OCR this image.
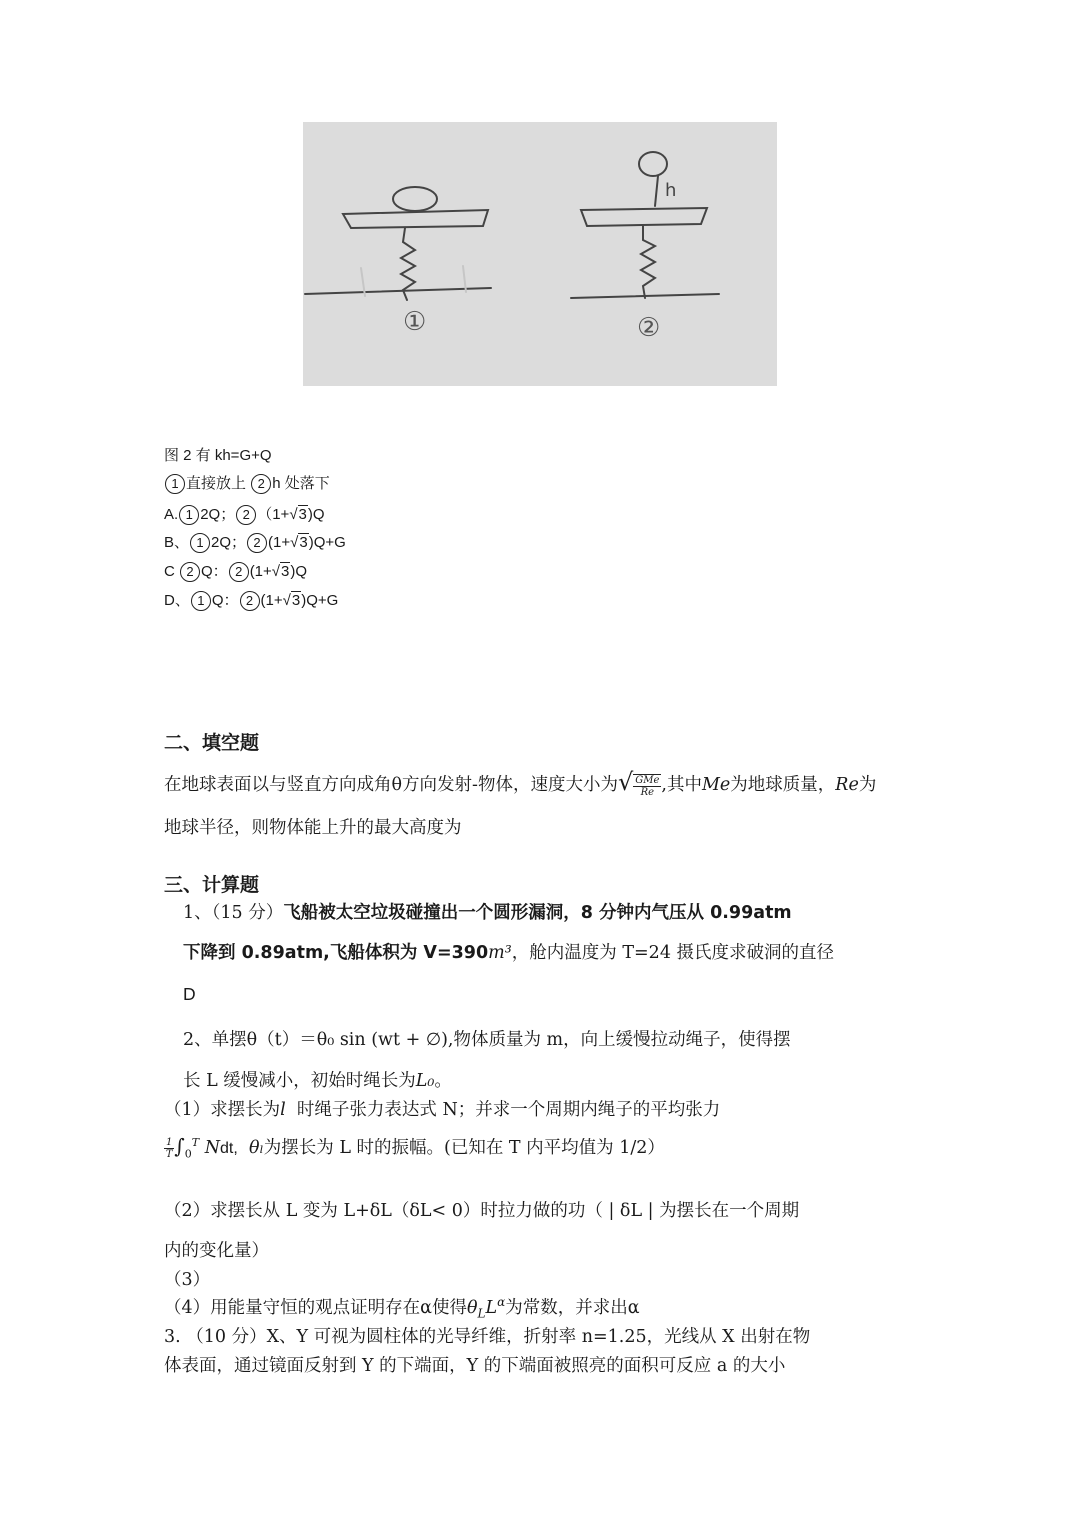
h
①	②
图 2 有 kh=G+Q
1 直接放上 2 h 处落下
A. 1 2Q； 2 （1+√3)Q
B、 1 2Q； 2 (1+√3)Q+G
C 2 Q： 2 (1+√3)Q
D、 1 Q： 2 (1+√3)Q+G
二、填空题
在地球表面以与竖直方向成角θ方向发射-物体，速度大小为√ $\frac{\text{GMe}}{Re}$ ,其中Me为地球质量，Re为
地球半径，则物体能上升的最大高度为
三、计算题
1、（15 分）飞船被太空垃圾碰撞出一个圆形漏洞，8 分钟内气压从 0.99atm
下降到 0.89atm,飞船体积为 V=390m³，舱内温度为 T=24 摄氏度求破洞的直径
D
2、单摆θ（t）＝θ₀ sin (wt + ∅),物体质量为 m，向上缓慢拉动绳子，使得摆
长 L 缓慢减小，初始时绳长为L₀。
（1）求摆长为l 时绳子张力表达式 N；并求一个周期内绳子的平均张力
$\frac{1}{T} \int_0^T$ Ndt, θₗ为摆长为 L 时的振幅。(已知在 T 内平均值为 1/2）
（2）求摆长从 L 变为 L+δL（δL< 0）时拉力做的功（ | δL | 为摆长在一个周期
内的变化量）
（3）
（4）用能量守恒的观点证明存在α使得$\theta_LL^\alpha$为常数，并求出α
3. （10 分）X、Y 可视为圆柱体的光导纤维，折射率 n=1.25，光线从 X 出射在物
体表面，通过镜面反射到 Y 的下端面，Y 的下端面被照亮的面积可反应 a 的大小
